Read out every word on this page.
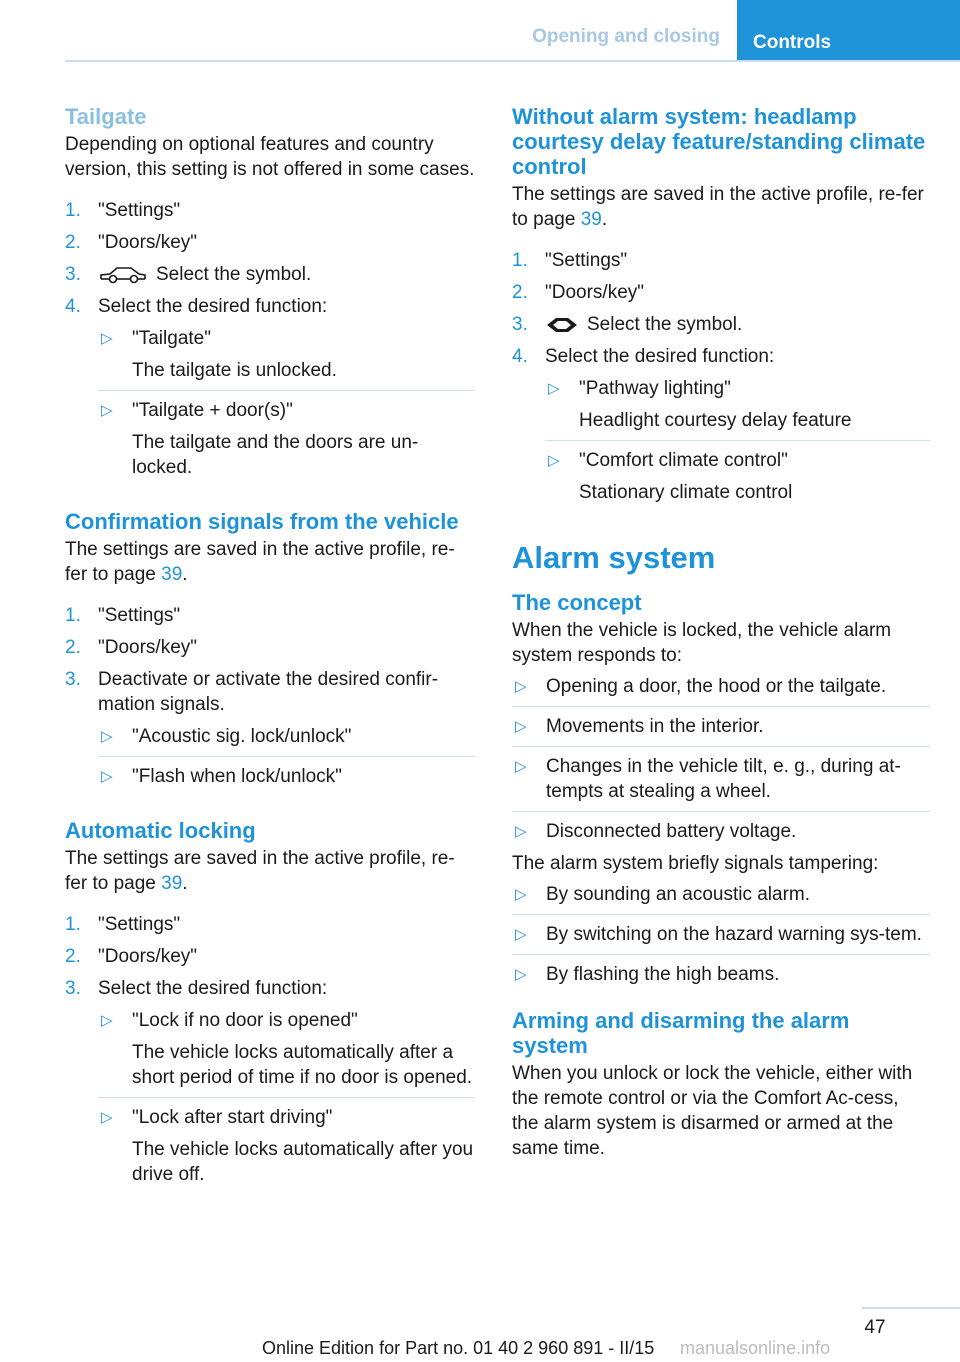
Opening and closing	Controls
Tailgate

Depending on optional features and country version, this setting is not offered in some cases.

1. "Settings"
2. "Doors/key"
3.	Select the symbol.
4. Select the desired function:
▷ "Tailgate"
The tailgate is unlocked.
▷ "Tailgate + door(s)"
The tailgate and the doors are un-locked.
Confirmation signals from the vehicle

The settings are saved in the active profile, re-fer to page 39.

1. "Settings"
2. "Doors/key"
3. Deactivate or activate the desired confir-mation signals.
▷ "Acoustic sig. lock/unlock"
▷ "Flash when lock/unlock"
Automatic locking

The settings are saved in the active profile, re-fer to page 39.

1. "Settings"
2. "Doors/key"
3. Select the desired function:
▷ "Lock if no door is opened"
The vehicle locks automatically after a short period of time if no door is opened.
▷ "Lock after start driving"
The vehicle locks automatically after you drive off.
Without alarm system: headlamp courtesy delay feature/standing climate control

The settings are saved in the active profile, re-fer to page 39.

1. "Settings"
2. "Doors/key"
3.	Select the symbol.
4. Select the desired function:
▷ "Pathway lighting"
Headlight courtesy delay feature
▷ "Comfort climate control"
Stationary climate control
Alarm system
The concept

When the vehicle is locked, the vehicle alarm system responds to:

▷ Opening a door, the hood or the tailgate.
▷ Movements in the interior.
▷ Changes in the vehicle tilt, e. g., during at-tempts at stealing a wheel.
▷ Disconnected battery voltage.

The alarm system briefly signals tampering:

▷ By sounding an acoustic alarm.
▷ By switching on the hazard warning sys-tem.
▷ By flashing the high beams.
Arming and disarming the alarm system

When you unlock or lock the vehicle, either with the remote control or via the Comfort Ac-cess, the alarm system is disarmed or armed at the same time.

47
Online Edition for Part no. 01 40 2 960 891 - II/15 manualsonline.info
